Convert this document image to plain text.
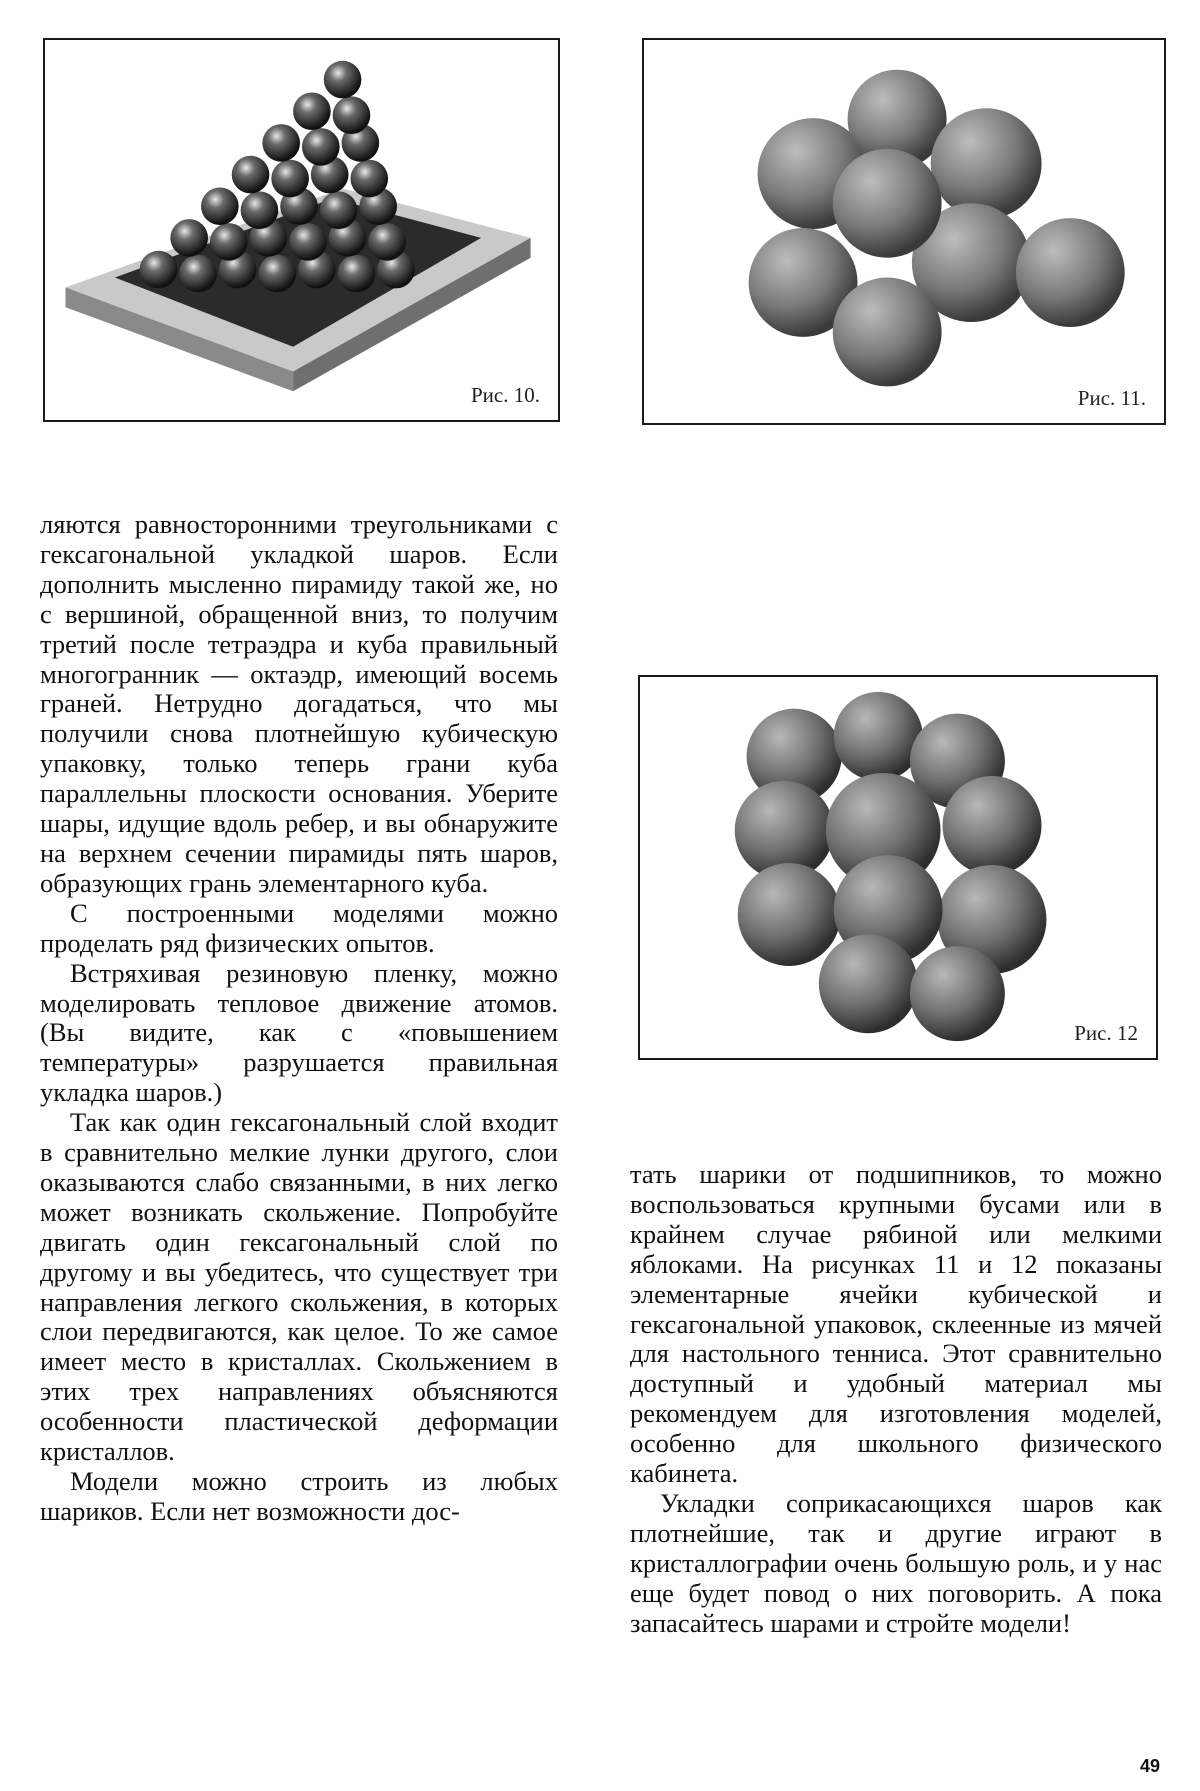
Рис. 10.	Рис. 11.
Рис. 12

ляются равносторонними треугольниками с гексагональной укладкой шаров. Если дополнить мысленно пирамиду такой же, но с вершиной, обращенной вниз, то получим третий после тетраэдра и куба правильный многогранник — октаэдр, имеющий восемь граней. Нетрудно догадаться, что мы получили снова плотнейшую кубическую упаковку, только теперь грани куба параллельны плоскости основания. Уберите шары, идущие вдоль ребер, и вы обнаружите на верхнем сечении пирамиды пять шаров, образующих грань элементарного куба.

С построенными моделями можно проделать ряд физических опытов.

Встряхивая резиновую пленку, можно моделировать тепловое движение атомов. (Вы видите, как с «повышением температуры» разрушается правильная укладка шаров.)

Так как один гексагональный слой входит в сравнительно мелкие лунки другого, слои оказываются слабо связанными, в них легко может возникать скольжение. Попробуйте двигать один гексагональный слой по другому и вы убедитесь, что существует три направления легкого скольжения, в которых слои передвигаются, как целое. То же самое имеет место в кристаллах. Скольжением в этих трех направлениях объясняются особенности пластической деформации кристаллов.

Модели можно строить из любых шариков. Если нет возможности дос-

тать шарики от подшипников, то можно воспользоваться крупными бусами или в крайнем случае рябиной или мелкими яблоками. На рисунках 11 и 12 показаны элементарные ячейки кубической и гексагональной упаковок, склеенные из мячей для настольного тенниса. Этот сравнительно доступный и удобный материал мы рекомендуем для изготовления моделей, особенно для школьного физического кабинета.

Укладки соприкасающихся шаров как плотнейшие, так и другие играют в кристаллографии очень большую роль, и у нас еще будет повод о них поговорить. А пока запасайтесь шарами и стройте модели!

49
